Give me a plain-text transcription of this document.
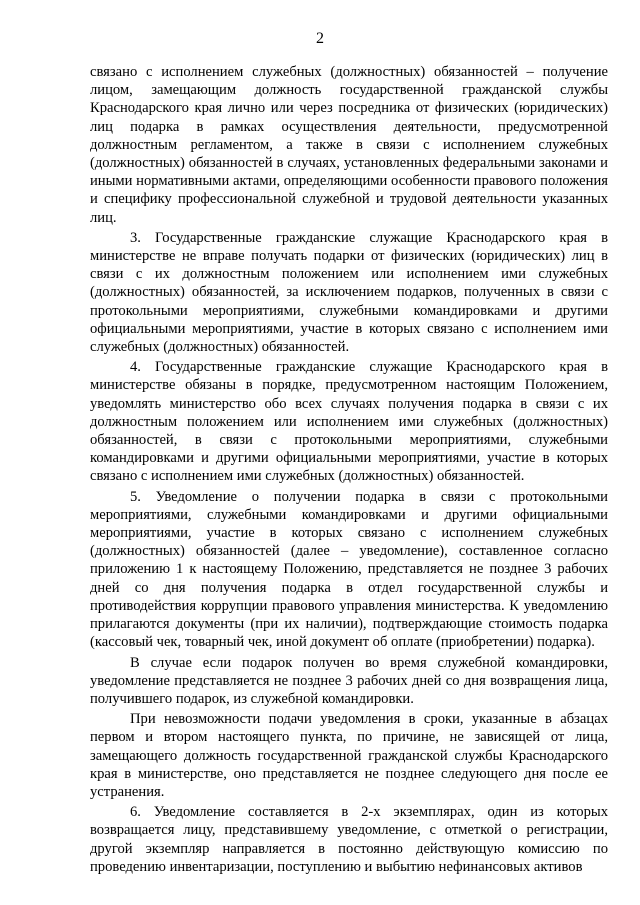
2

связано с исполнением служебных (должностных) обязанностей – получение лицом, замещающим должность государственной гражданской службы Краснодарского края лично или через посредника от физических (юридических) лиц подарка в рамках осуществления деятельности, предусмотренной должностным регламентом, а также в связи с исполнением служебных (должностных) обязанностей в случаях, установленных федеральными законами и иными нормативными актами, определяющими особенности правового положения и специфику профессиональной служебной и трудовой деятельности указанных лиц.

3. Государственные гражданские служащие Краснодарского края в министерстве не вправе получать подарки от физических (юридических) лиц в связи с их должностным положением или исполнением ими служебных (должностных) обязанностей, за исключением подарков, полученных в связи с протокольными мероприятиями, служебными командировками и другими официальными мероприятиями, участие в которых связано с исполнением ими служебных (должностных) обязанностей.

4. Государственные гражданские служащие Краснодарского края в министерстве обязаны в порядке, предусмотренном настоящим Положением, уведомлять министерство обо всех случаях получения подарка в связи с их должностным положением или исполнением ими служебных (должностных) обязанностей, в связи с протокольными мероприятиями, служебными командировками и другими официальными мероприятиями, участие в которых связано с исполнением ими служебных (должностных) обязанностей.

5. Уведомление о получении подарка в связи с протокольными мероприятиями, служебными командировками и другими официальными мероприятиями, участие в которых связано с исполнением служебных (должностных) обязанностей (далее – уведомление), составленное согласно приложению 1 к настоящему Положению, представляется не позднее 3 рабочих дней со дня получения подарка в отдел государственной службы и противодействия коррупции правового управления министерства. К уведомлению прилагаются документы (при их наличии), подтверждающие стоимость подарка (кассовый чек, товарный чек, иной документ об оплате (приобретении) подарка).

В случае если подарок получен во время служебной командировки, уведомление представляется не позднее 3 рабочих дней со дня возвращения лица, получившего подарок, из служебной командировки.

При невозможности подачи уведомления в сроки, указанные в абзацах первом и втором настоящего пункта, по причине, не зависящей от лица, замещающего должность государственной гражданской службы Краснодарского края в министерстве, оно представляется не позднее следующего дня после ее устранения.

6. Уведомление составляется в 2-х экземплярах, один из которых возвращается лицу, представившему уведомление, с отметкой о регистрации, другой экземпляр направляется в постоянно действующую комиссию по проведению инвентаризации, поступлению и выбытию нефинансовых активов
